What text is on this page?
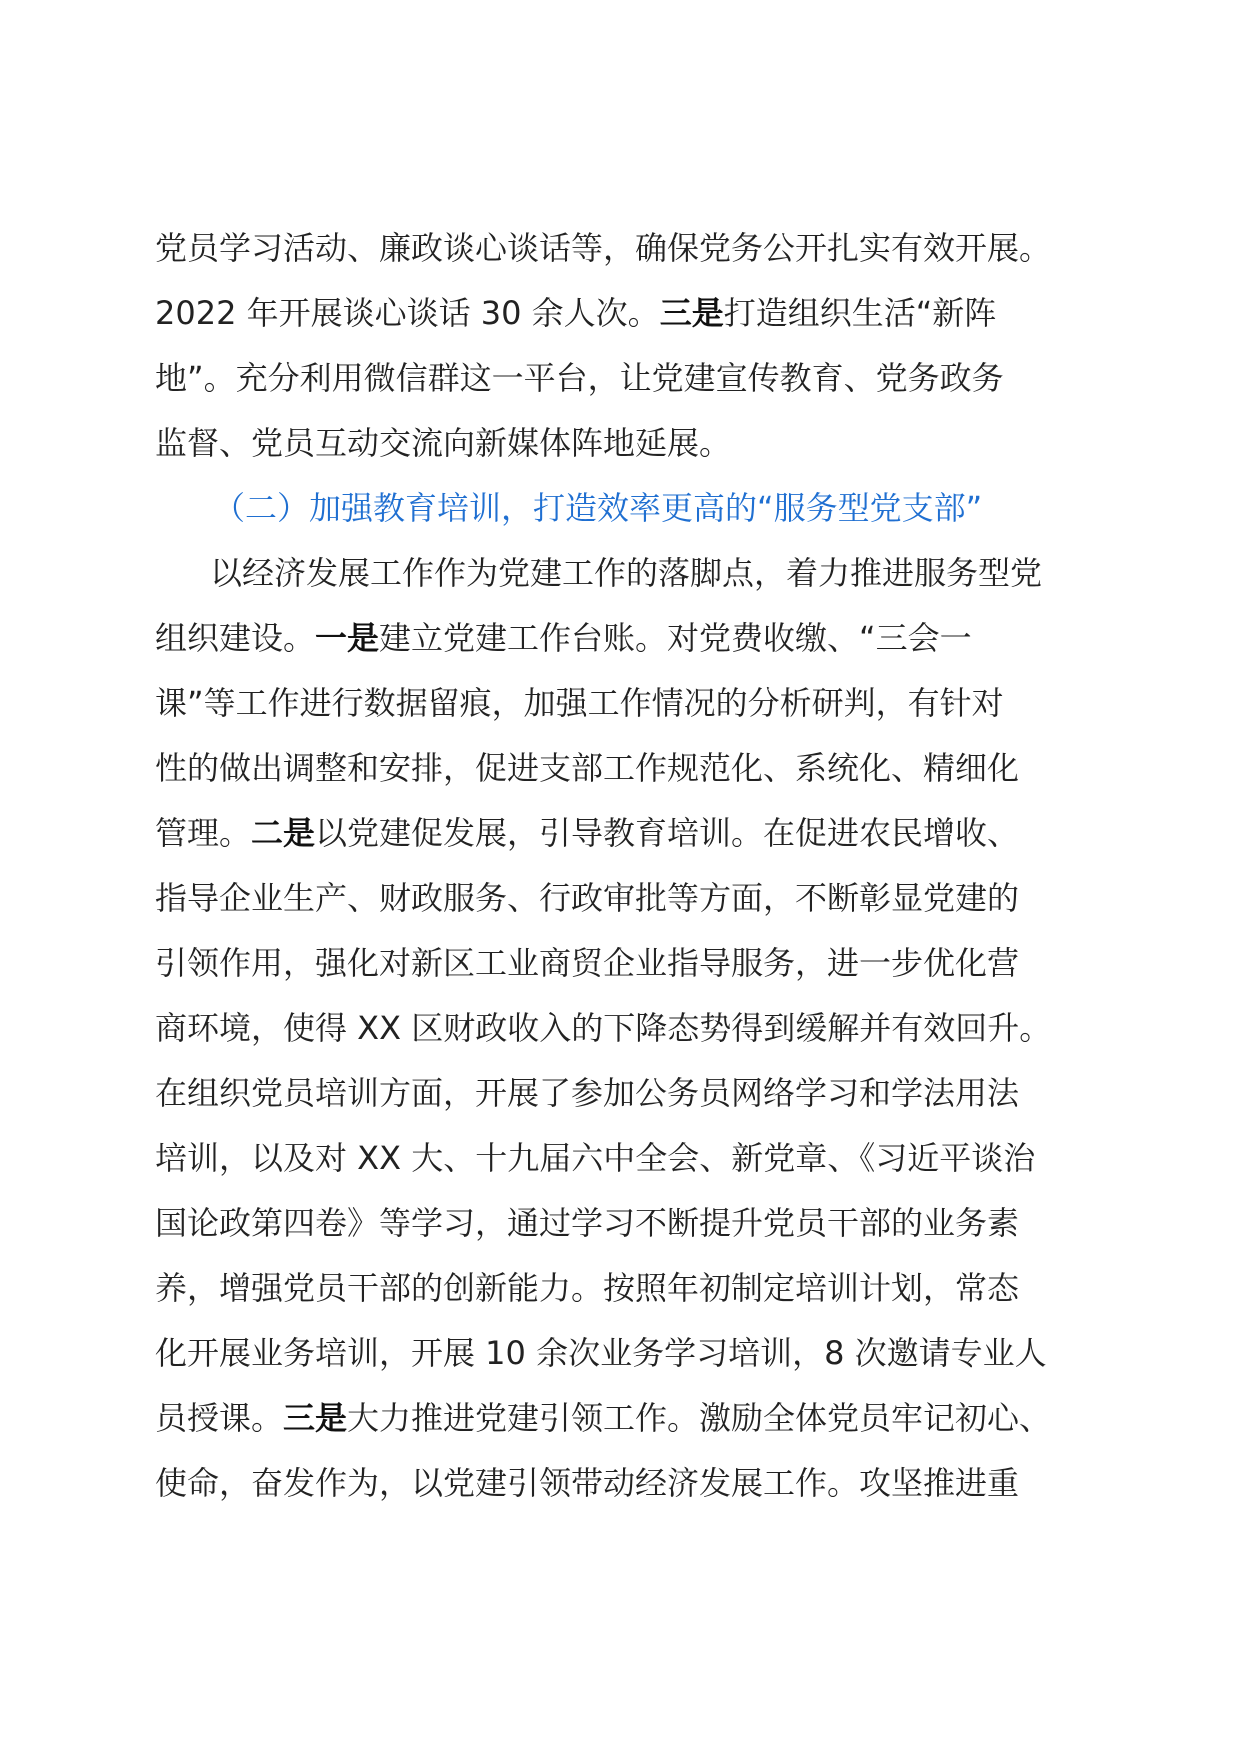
党员学习活动、廉政谈心谈话等，确保党务公开扎实有效开展。
2022 年开展谈心谈话 30 余人次。三是打造组织生活“新阵
地”。充分利用微信群这一平台，让党建宣传教育、党务政务
监督、党员互动交流向新媒体阵地延展。
（二）加强教育培训，打造效率更高的“服务型党支部”
以经济发展工作作为党建工作的落脚点，着力推进服务型党
组织建设。一是建立党建工作台账。对党费收缴、“三会一
课”等工作进行数据留痕，加强工作情况的分析研判，有针对
性的做出调整和安排，促进支部工作规范化、系统化、精细化
管理。二是以党建促发展，引导教育培训。在促进农民增收、
指导企业生产、财政服务、行政审批等方面，不断彰显党建的
引领作用，强化对新区工业商贸企业指导服务，进一步优化营
商环境，使得 XX 区财政收入的下降态势得到缓解并有效回升。
在组织党员培训方面，开展了参加公务员网络学习和学法用法
培训，以及对 XX 大、十九届六中全会、新党章、《习近平谈治
国论政第四卷》等学习，通过学习不断提升党员干部的业务素
养，增强党员干部的创新能力。按照年初制定培训计划，常态
化开展业务培训，开展 10 余次业务学习培训，8 次邀请专业人
员授课。三是大力推进党建引领工作。激励全体党员牢记初心、
使命，奋发作为，以党建引领带动经济发展工作。攻坚推进重
